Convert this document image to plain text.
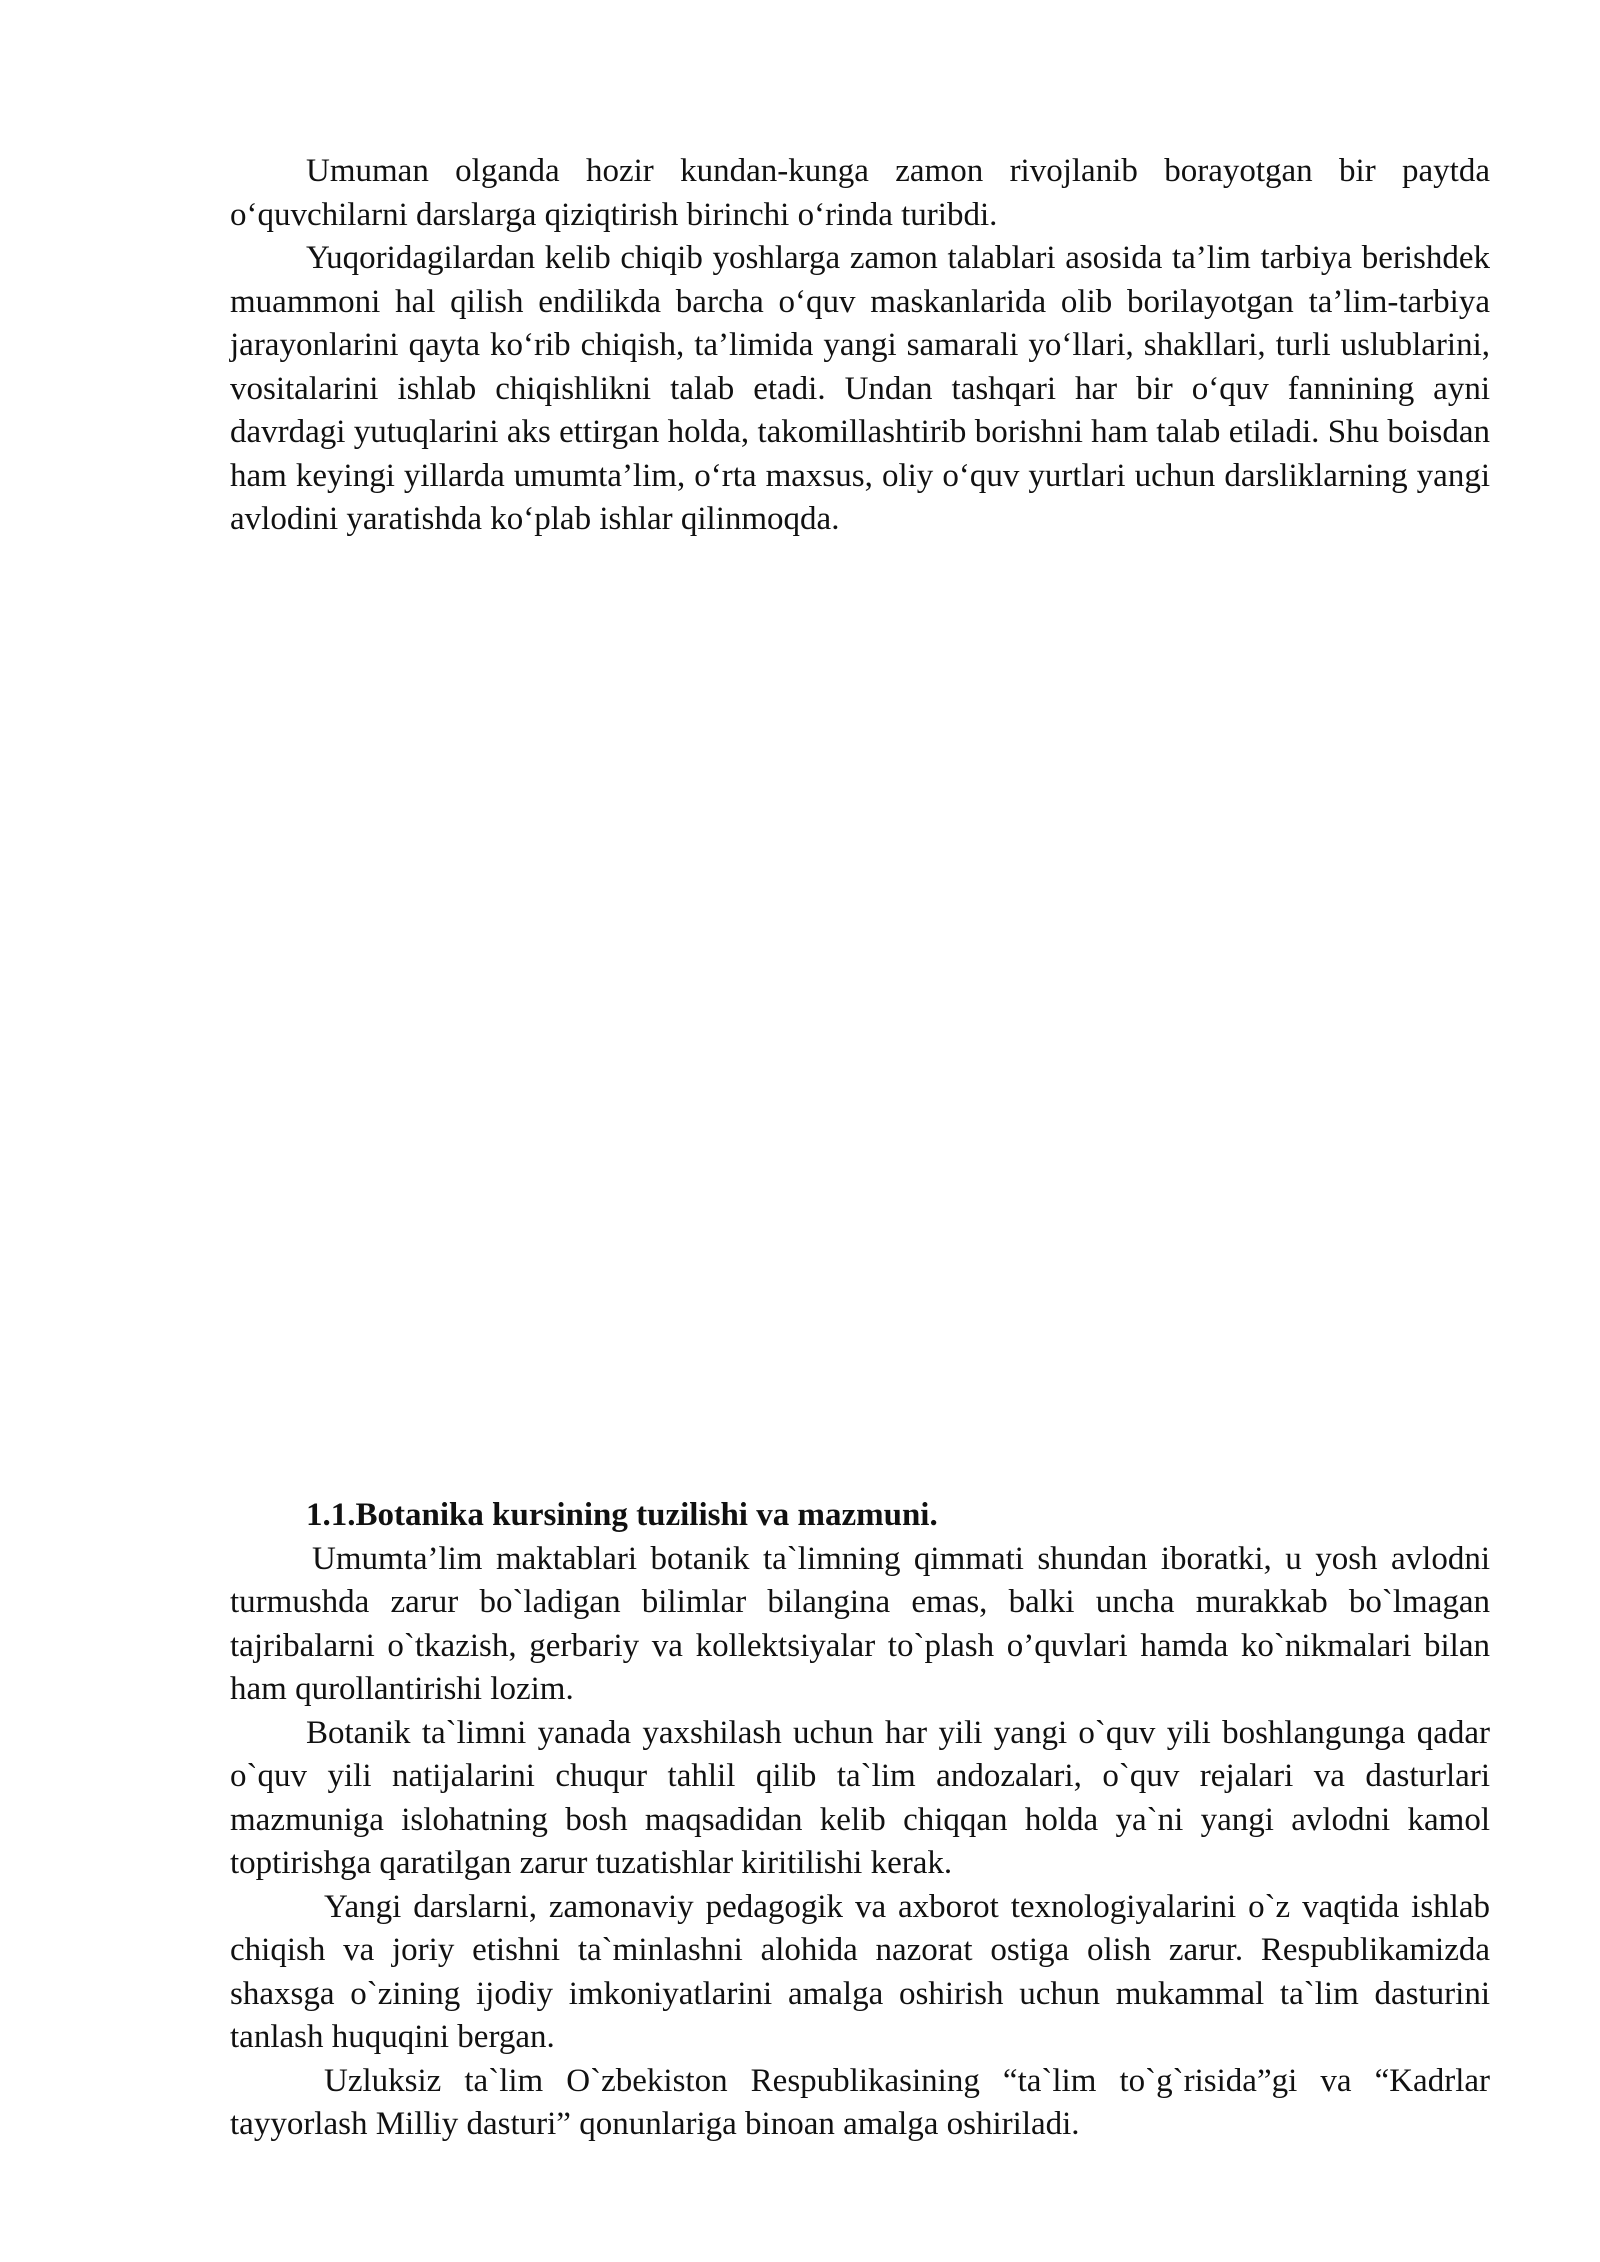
Umuman olganda hozir kundan-kunga zamon rivojlanib borayotgan bir paytda o‘quvchilarni darslarga qiziqtirish birinchi o‘rinda turibdi.

Yuqoridagilardan kelib chiqib yoshlarga zamon talablari asosida ta’lim tarbiya berishdek muammoni hal qilish endilikda barcha o‘quv maskanlarida olib borilayotgan ta’lim-tarbiya jarayonlarini qayta ko‘rib chiqish, ta’limida yangi samarali yo‘llari, shakllari, turli uslublarini, vositalarini ishlab chiqishlikni talab etadi. Undan tashqari har bir o‘quv fannining ayni davrdagi yutuqlarini aks ettirgan holda, takomillashtirib borishni ham talab etiladi. Shu boisdan ham keyingi yillarda umumta’lim, o‘rta maxsus, oliy o‘quv yurtlari uchun darsliklarning yangi avlodini yaratishda ko‘plab ishlar qilinmoqda.

1.1.Botanika kursining tuzilishi va mazmuni.

Umumta’lim maktablari botanik ta`limning qimmati shundan iboratki, u yosh avlodni turmushda zarur bo`ladigan bilimlar bilangina emas, balki uncha murakkab bo`lmagan tajribalarni o`tkazish, gerbariy va kollektsiyalar to`plash o’quvlari hamda ko`nikmalari bilan ham qurollantirishi lozim.

Botanik ta`limni yanada yaxshilash uchun har yili yangi o`quv yili boshlangunga qadar o`quv yili natijalarini chuqur tahlil qilib ta`lim andozalari, o`quv rejalari va dasturlari mazmuniga islohatning bosh maqsadidan kelib chiqqan holda ya`ni yangi avlodni kamol toptirishga qaratilgan zarur tuzatishlar kiritilishi kerak.

Yangi darslarni, zamonaviy pedagogik va axborot texnologiyalarini o`z vaqtida ishlab chiqish va joriy etishni ta`minlashni alohida nazorat ostiga olish zarur. Respublikamizda shaxsga o`zining ijodiy imkoniyatlarini amalga oshirish uchun mukammal ta`lim dasturini tanlash huquqini bergan.

Uzluksiz ta`lim O`zbekiston Respublikasining “ta`lim to`g`risida”gi va “Kadrlar tayyorlash Milliy dasturi” qonunlariga binoan amalga oshiriladi.
